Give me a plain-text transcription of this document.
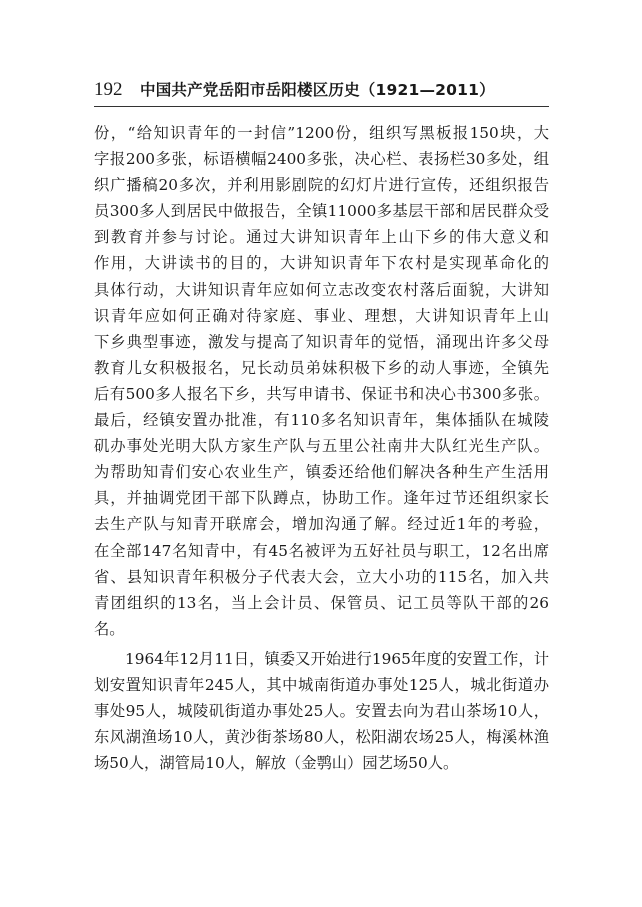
192	中国共产党岳阳市岳阳楼区历史（1921—2011）
份，“给知识青年的一封信”1200份，组织写黑板报150块，大
字报200多张，标语横幅2400多张，决心栏、表扬栏30多处，组
织广播稿20多次，并利用影剧院的幻灯片进行宣传，还组织报告
员300多人到居民中做报告，全镇11000多基层干部和居民群众受
到教育并参与讨论。通过大讲知识青年上山下乡的伟大意义和
作用，大讲读书的目的，大讲知识青年下农村是实现革命化的
具体行动，大讲知识青年应如何立志改变农村落后面貌，大讲知
识青年应如何正确对待家庭、事业、理想，大讲知识青年上山
下乡典型事迹，激发与提高了知识青年的觉悟，涌现出许多父母
教育儿女积极报名，兄长动员弟妹积极下乡的动人事迹，全镇先
后有500多人报名下乡，共写申请书、保证书和决心书300多张。
最后，经镇安置办批准，有110多名知识青年，集体插队在城陵
矶办事处光明大队方家生产队与五里公社南井大队红光生产队。
为帮助知青们安心农业生产，镇委还给他们解决各种生产生活用
具，并抽调党团干部下队蹲点，协助工作。逢年过节还组织家长
去生产队与知青开联席会，增加沟通了解。经过近1年的考验，
在全部147名知青中，有45名被评为五好社员与职工，12名出席
省、县知识青年积极分子代表大会，立大小功的115名，加入共
青团组织的13名，当上会计员、保管员、记工员等队干部的26
名。
1964年12月11日，镇委又开始进行1965年度的安置工作，计
划安置知识青年245人，其中城南街道办事处125人，城北街道办
事处95人，城陵矶街道办事处25人。安置去向为君山茶场10人，
东风湖渔场10人，黄沙街茶场80人，松阳湖农场25人，梅溪林渔
场50人，湖管局10人，解放（金鹗山）园艺场50人。
